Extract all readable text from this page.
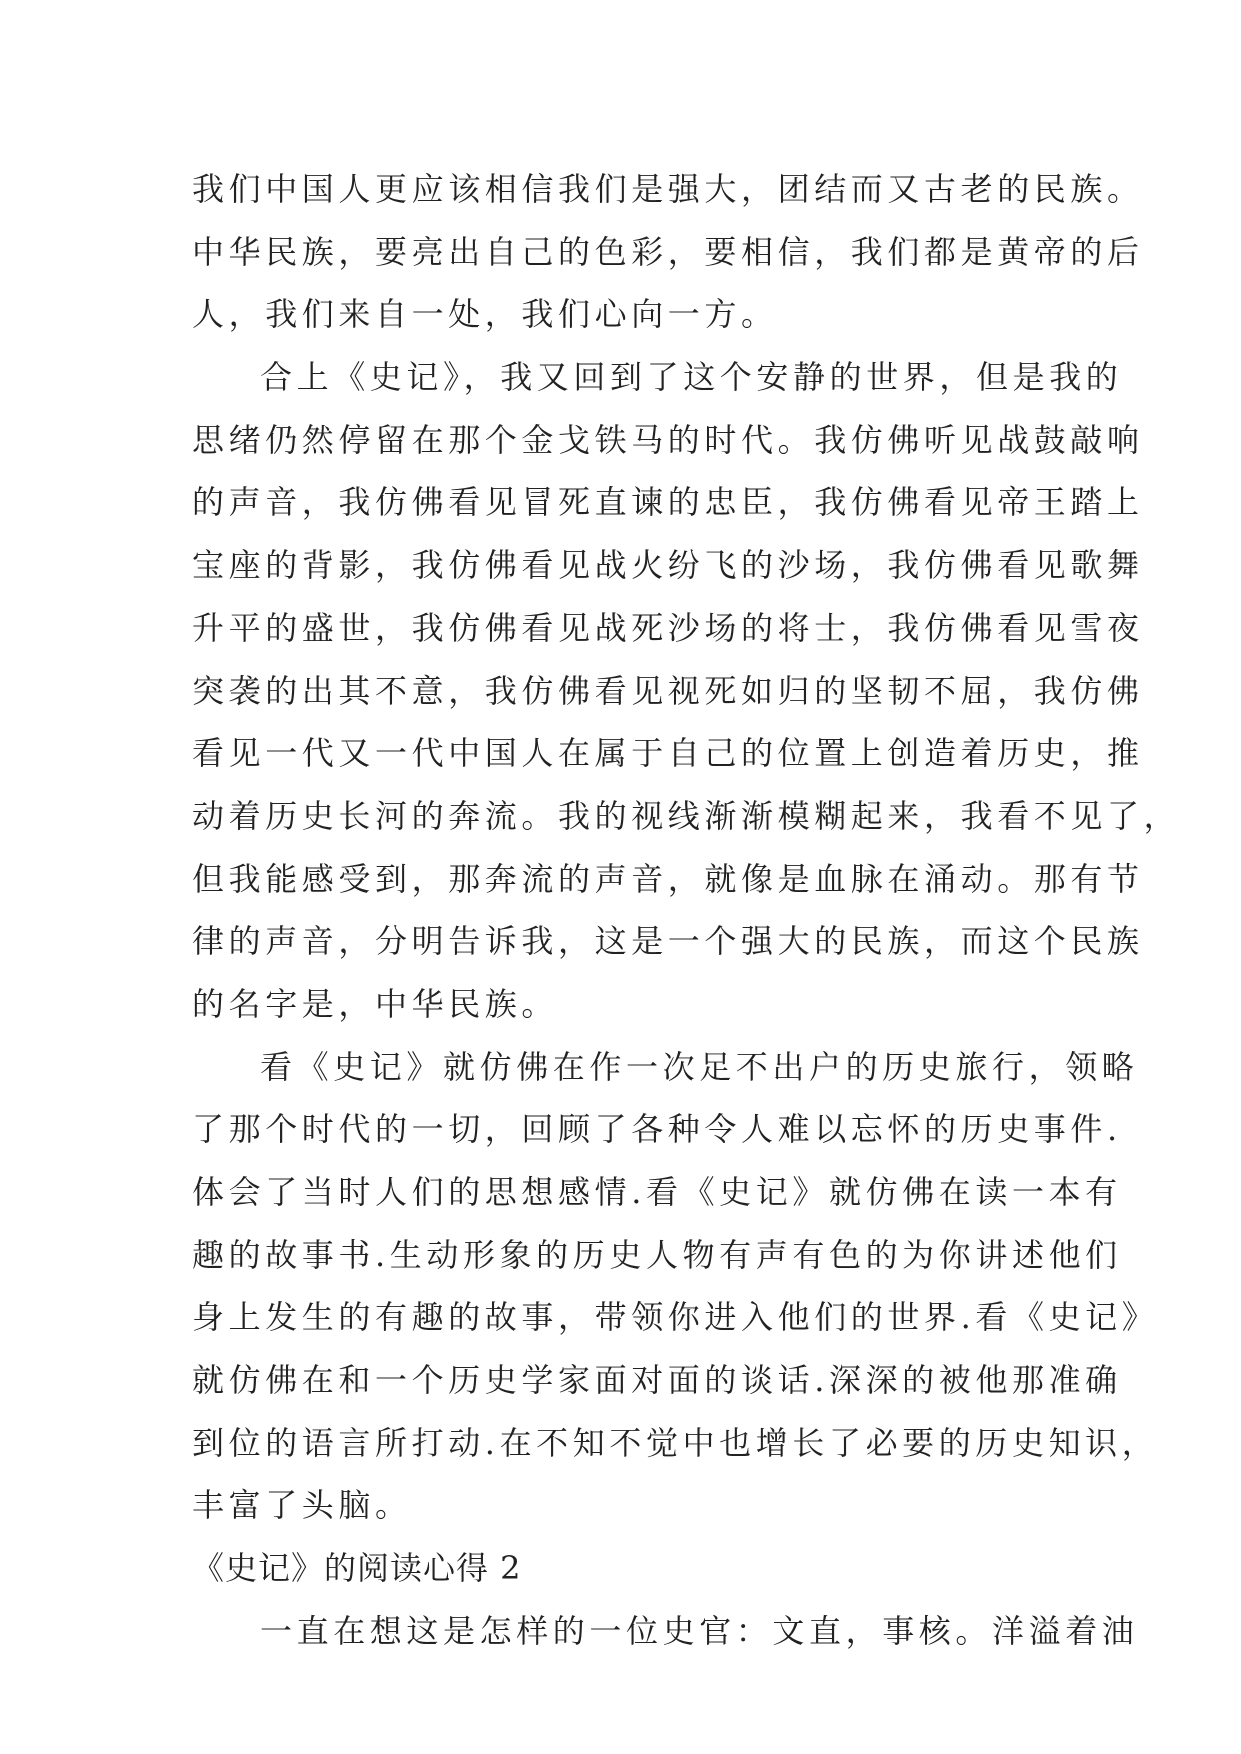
我们中国人更应该相信我们是强大，团结而又古老的民族。
中华民族，要亮出自己的色彩，要相信，我们都是黄帝的后
人，我们来自一处，我们心向一方。
合上《史记》，我又回到了这个安静的世界，但是我的
思绪仍然停留在那个金戈铁马的时代。我仿佛听见战鼓敲响
的声音，我仿佛看见冒死直谏的忠臣，我仿佛看见帝王踏上
宝座的背影，我仿佛看见战火纷飞的沙场，我仿佛看见歌舞
升平的盛世，我仿佛看见战死沙场的将士，我仿佛看见雪夜
突袭的出其不意，我仿佛看见视死如归的坚韧不屈，我仿佛
看见一代又一代中国人在属于自己的位置上创造着历史，推
动着历史长河的奔流。我的视线渐渐模糊起来，我看不见了，
但我能感受到，那奔流的声音，就像是血脉在涌动。那有节
律的声音，分明告诉我，这是一个强大的民族，而这个民族
的名字是，中华民族。
看《史记》就仿佛在作一次足不出户的历史旅行，领略
了那个时代的一切，回顾了各种令人难以忘怀的历史事件.
体会了当时人们的思想感情.看《史记》就仿佛在读一本有
趣的故事书.生动形象的历史人物有声有色的为你讲述他们
身上发生的有趣的故事，带领你进入他们的世界.看《史记》
就仿佛在和一个历史学家面对面的谈话.深深的被他那准确
到位的语言所打动.在不知不觉中也增长了必要的历史知识，
丰富了头脑。
《史记》的阅读心得 2
一直在想这是怎样的一位史官：文直，事核。洋溢着油
